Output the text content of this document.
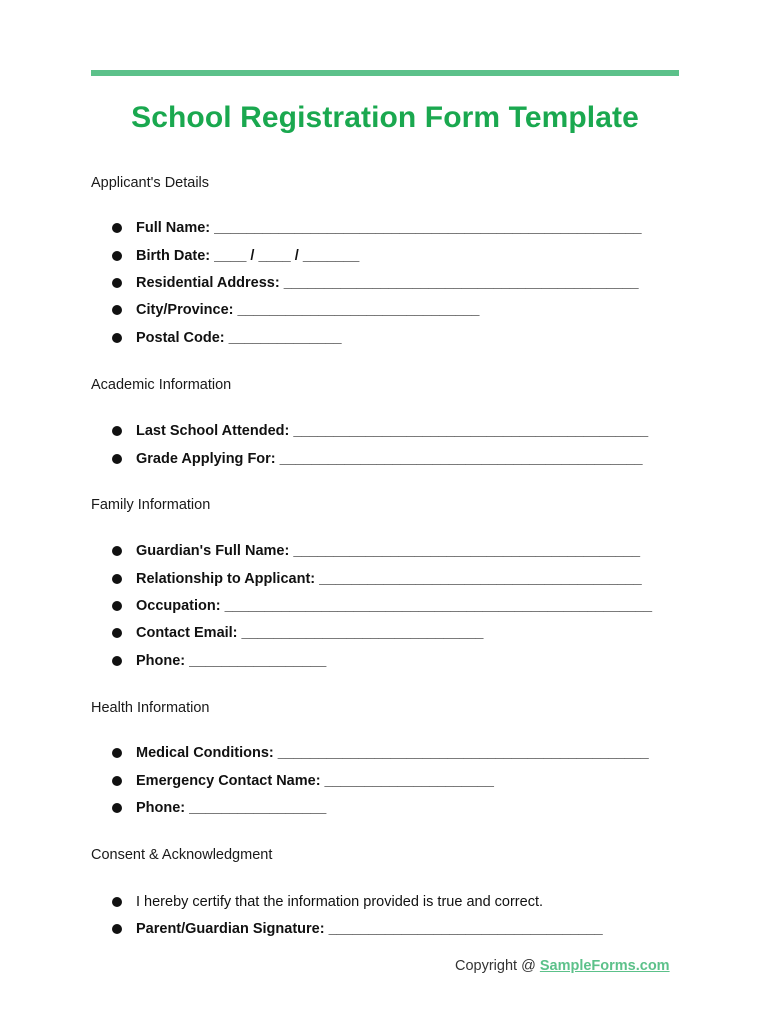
School Registration Form Template
Applicant's Details
Full Name: _____________________________________________________
Birth Date: ____ / ____ / _______
Residential Address: ____________________________________________
City/Province: ______________________________
Postal Code: ______________
Academic Information
Last School Attended: ____________________________________________
Grade Applying For: _____________________________________________
Family Information
Guardian's Full Name: ___________________________________________
Relationship to Applicant: ________________________________________
Occupation: _____________________________________________________
Contact Email: ______________________________
Phone: _________________
Health Information
Medical Conditions: ______________________________________________
Emergency Contact Name: _____________________
Phone: _________________
Consent & Acknowledgment
I hereby certify that the information provided is true and correct.
Parent/Guardian Signature: __________________________________
Copyright @ SampleForms.com
